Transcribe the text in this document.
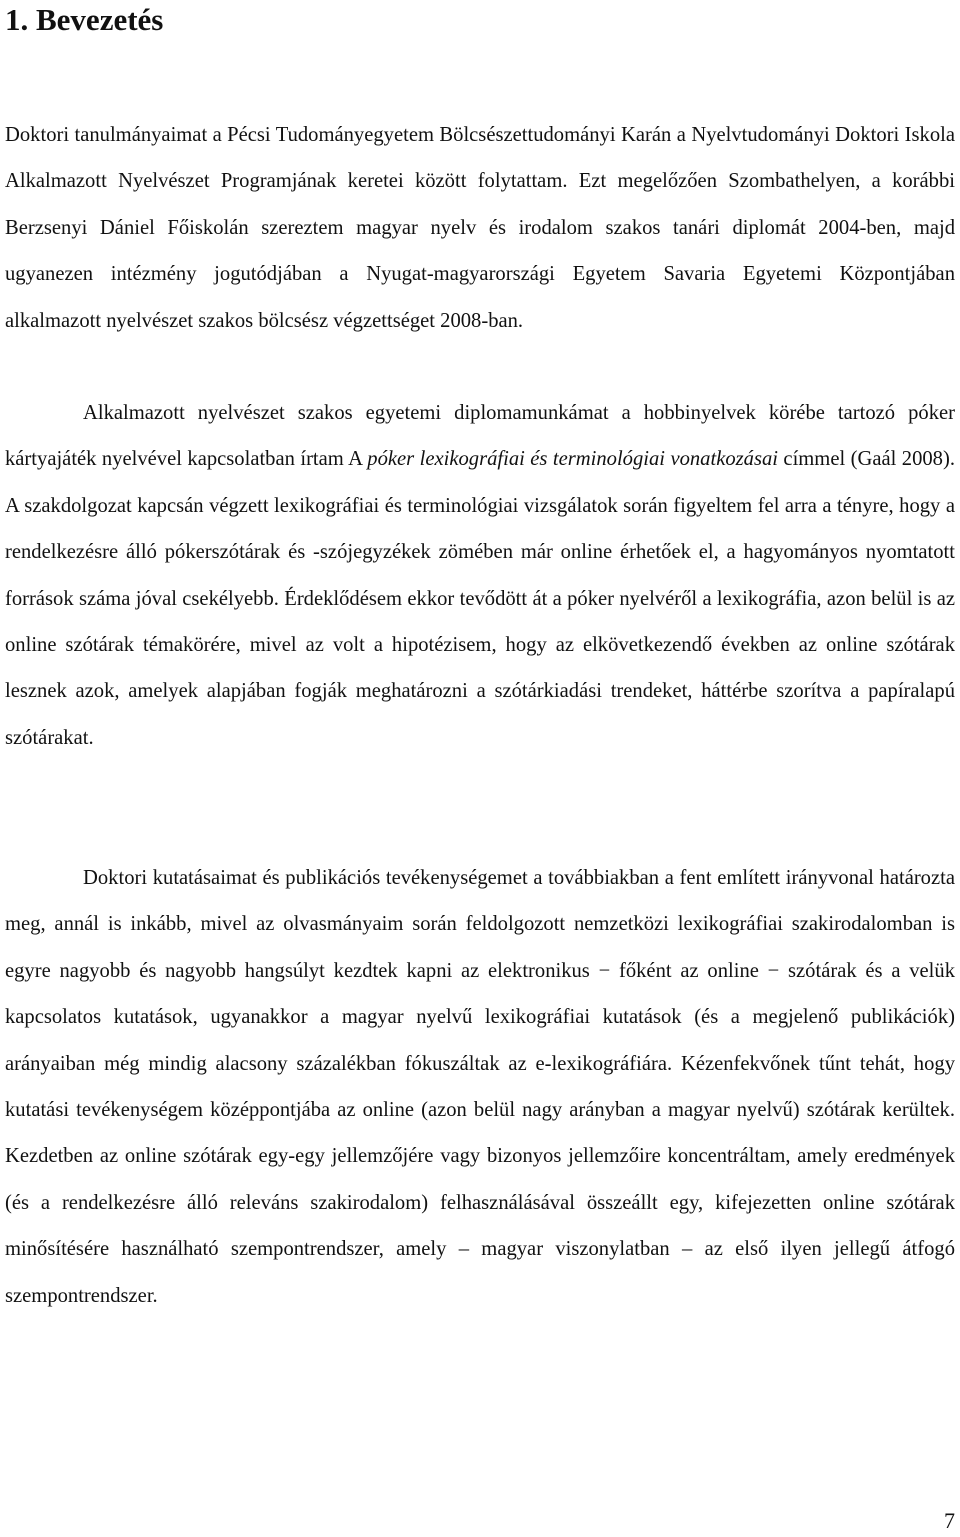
1. Bevezetés

Doktori tanulmányaimat a Pécsi Tudományegyetem Bölcsészettudományi Karán a Nyelvtudományi Doktori Iskola Alkalmazott Nyelvészet Programjának keretei között folytattam. Ezt megelőzően Szombathelyen, a korábbi Berzsenyi Dániel Főiskolán szereztem magyar nyelv és irodalom szakos tanári diplomát 2004-ben, majd ugyanezen intézmény jogutódjában a Nyugat-magyarországi Egyetem Savaria Egyetemi Központjában alkalmazott nyelvészet szakos bölcsész végzettséget 2008-ban.

Alkalmazott nyelvészet szakos egyetemi diplomamunkámat a hobbinyelvek körébe tartozó póker kártyajáték nyelvével kapcsolatban írtam A póker lexikográfiai és terminológiai vonatkozásai címmel (Gaál 2008). A szakdolgozat kapcsán végzett lexikográfiai és terminológiai vizsgálatok során figyeltem fel arra a tényre, hogy a rendelkezésre álló pókerszótárak és -szójegyzékek zömében már online érhetőek el, a hagyományos nyomtatott források száma jóval csekélyebb. Érdeklődésem ekkor tevődött át a póker nyelvéről a lexikográfia, azon belül is az online szótárak témakörére, mivel az volt a hipotézisem, hogy az elkövetkezendő években az online szótárak lesznek azok, amelyek alapjában fogják meghatározni a szótárkiadási trendeket, háttérbe szorítva a papíralapú szótárakat.

Doktori kutatásaimat és publikációs tevékenységemet a továbbiakban a fent említett irányvonal határozta meg, annál is inkább, mivel az olvasmányaim során feldolgozott nemzetközi lexikográfiai szakirodalomban is egyre nagyobb és nagyobb hangsúlyt kezdtek kapni az elektronikus − főként az online − szótárak és a velük kapcsolatos kutatások, ugyanakkor a magyar nyelvű lexikográfiai kutatások (és a megjelenő publikációk) arányaiban még mindig alacsony százalékban fókuszáltak az e-lexikográfiára. Kézenfekvőnek tűnt tehát, hogy kutatási tevékenységem középpontjába az online (azon belül nagy arányban a magyar nyelvű) szótárak kerültek. Kezdetben az online szótárak egy-egy jellemzőjére vagy bizonyos jellemzőire koncentráltam, amely eredmények (és a rendelkezésre álló releváns szakirodalom) felhasználásával összeállt egy, kifejezetten online szótárak minősítésére használható szempontrendszer, amely – magyar viszonylatban – az első ilyen jellegű átfogó szempontrendszer.

7
